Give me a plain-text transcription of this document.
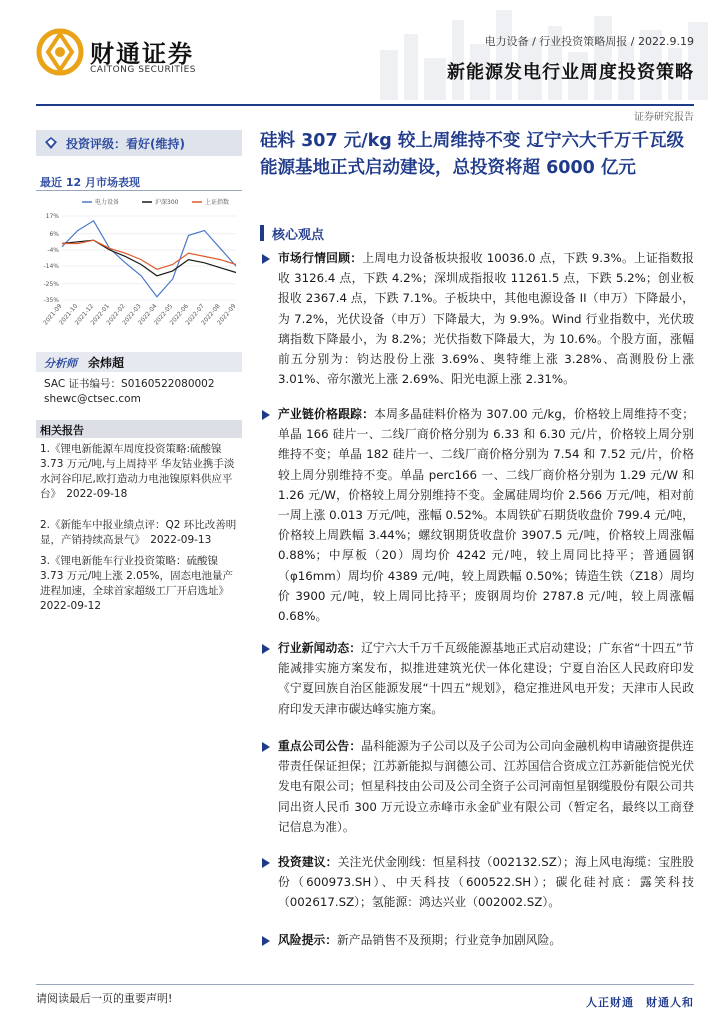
财通证券
CAITONG SECURITIES
电力设备 / 行业投资策略周报 / 2022.9.19
新能源发电行业周度投资策略
证券研究报告
投资评级：看好(维持)
最近 12 月市场表现
电力设备	沪深300	上证指数
17%
6%
-4%
-14%
-25%
-35%
2021-09
2021-10
2021-12
2022-01
2022-02
2022-03
2022-04
2022-05
2022-06
2022-07
2022-08
2022-09
分析师 余炜超
SAC 证书编号：S0160522080002
shewc@ctsec.com
相关报告
1.《锂电新能源车周度投资策略:硫酸镍 3.73 万元/吨,与上周持平 华友钴业携手淡水河谷印尼,欧打造动力电池镍原料供应平台》　2022-09-18
2.《新能车中报业绩点评：Q2 环比改善明显，产销持续高景气》　2022-09-13
3.《锂电新能车行业投资策略：硫酸镍 3.73 万元/吨上涨 2.05%，固态电池量产进程加速，全球首家超级工厂开启选址》　2022-09-12
硅料 307 元/kg 较上周维持不变 辽宁六大千万千瓦级能源基地正式启动建设，总投资将超 6000 亿元
核心观点
市场行情回顾：上周电力设备板块报收 10036.0 点，下跌 9.3%。上证指数报收 3126.4 点，下跌 4.2%；深圳成指报收 11261.5 点，下跌 5.2%；创业板报收 2367.4 点，下跌 7.1%。子板块中，其他电源设备 II（申万）下降最小，为 7.2%，光伏设备（申万）下降最大，为 9.9%。Wind 行业指数中，光伏玻璃指数下降最小，为 8.2%；光伏指数下降最大，为 10.6%。个股方面，涨幅前五分别为：钧达股份上涨 3.69%、奥特维上涨 3.28%、高测股份上涨 3.01%、帝尔激光上涨 2.69%、阳光电源上涨 2.31%。
产业链价格跟踪：本周多晶硅料价格为 307.00 元/kg，价格较上周维持不变；单晶 166 硅片一、二线厂商价格分别为 6.33 和 6.30 元/片，价格较上周分别维持不变；单晶 182 硅片一、二线厂商价格分别为 7.54 和 7.52 元/片，价格较上周分别维持不变。单晶 perc166 一、二线厂商价格分别为 1.29 元/W 和 1.26 元/W，价格较上周分别维持不变。金属硅周均价 2.566 万元/吨，相对前一周上涨 0.013 万元/吨，涨幅 0.52%。本周铁矿石期货收盘价 799.4 元/吨，价格较上周跌幅 3.44%；螺纹钢期货收盘价 3907.5 元/吨，价格较上周涨幅 0.88%；中厚板（20）周均价 4242 元/吨，较上周同比持平；普通圆钢（φ16mm）周均价 4389 元/吨，较上周跌幅 0.50%；铸造生铁（Z18）周均价 3900 元/吨，较上周同比持平；废钢周均价 2787.8 元/吨，较上周涨幅 0.68%。
行业新闻动态：辽宁六大千万千瓦级能源基地正式启动建设；广东省“十四五”节能减排实施方案发布，拟推进建筑光伏一体化建设；宁夏自治区人民政府印发《宁夏回族自治区能源发展“十四五”规划》，稳定推进风电开发；天津市人民政府印发天津市碳达峰实施方案。
重点公司公告：晶科能源为子公司以及子公司为公司向金融机构申请融资提供连带责任保证担保；江苏新能拟与润德公司、江苏国信合资成立江苏新能信悦光伏发电有限公司；恒星科技由公司及公司全资子公司河南恒星钢缆股份有限公司共同出资人民币 300 万元设立赤峰市永金矿业有限公司（暂定名，最终以工商登记信息为准）。
投资建议：关注光伏金刚线：恒星科技（002132.SZ）；海上风电海缆：宝胜股份（600973.SH）、中天科技（600522.SH）；碳化硅衬底：露笑科技（002617.SZ）；氢能源：鸿达兴业（002002.SZ）。
风险提示：新产品销售不及预期；行业竞争加剧风险。
请阅读最后一页的重要声明!	人正财通　财通人和
